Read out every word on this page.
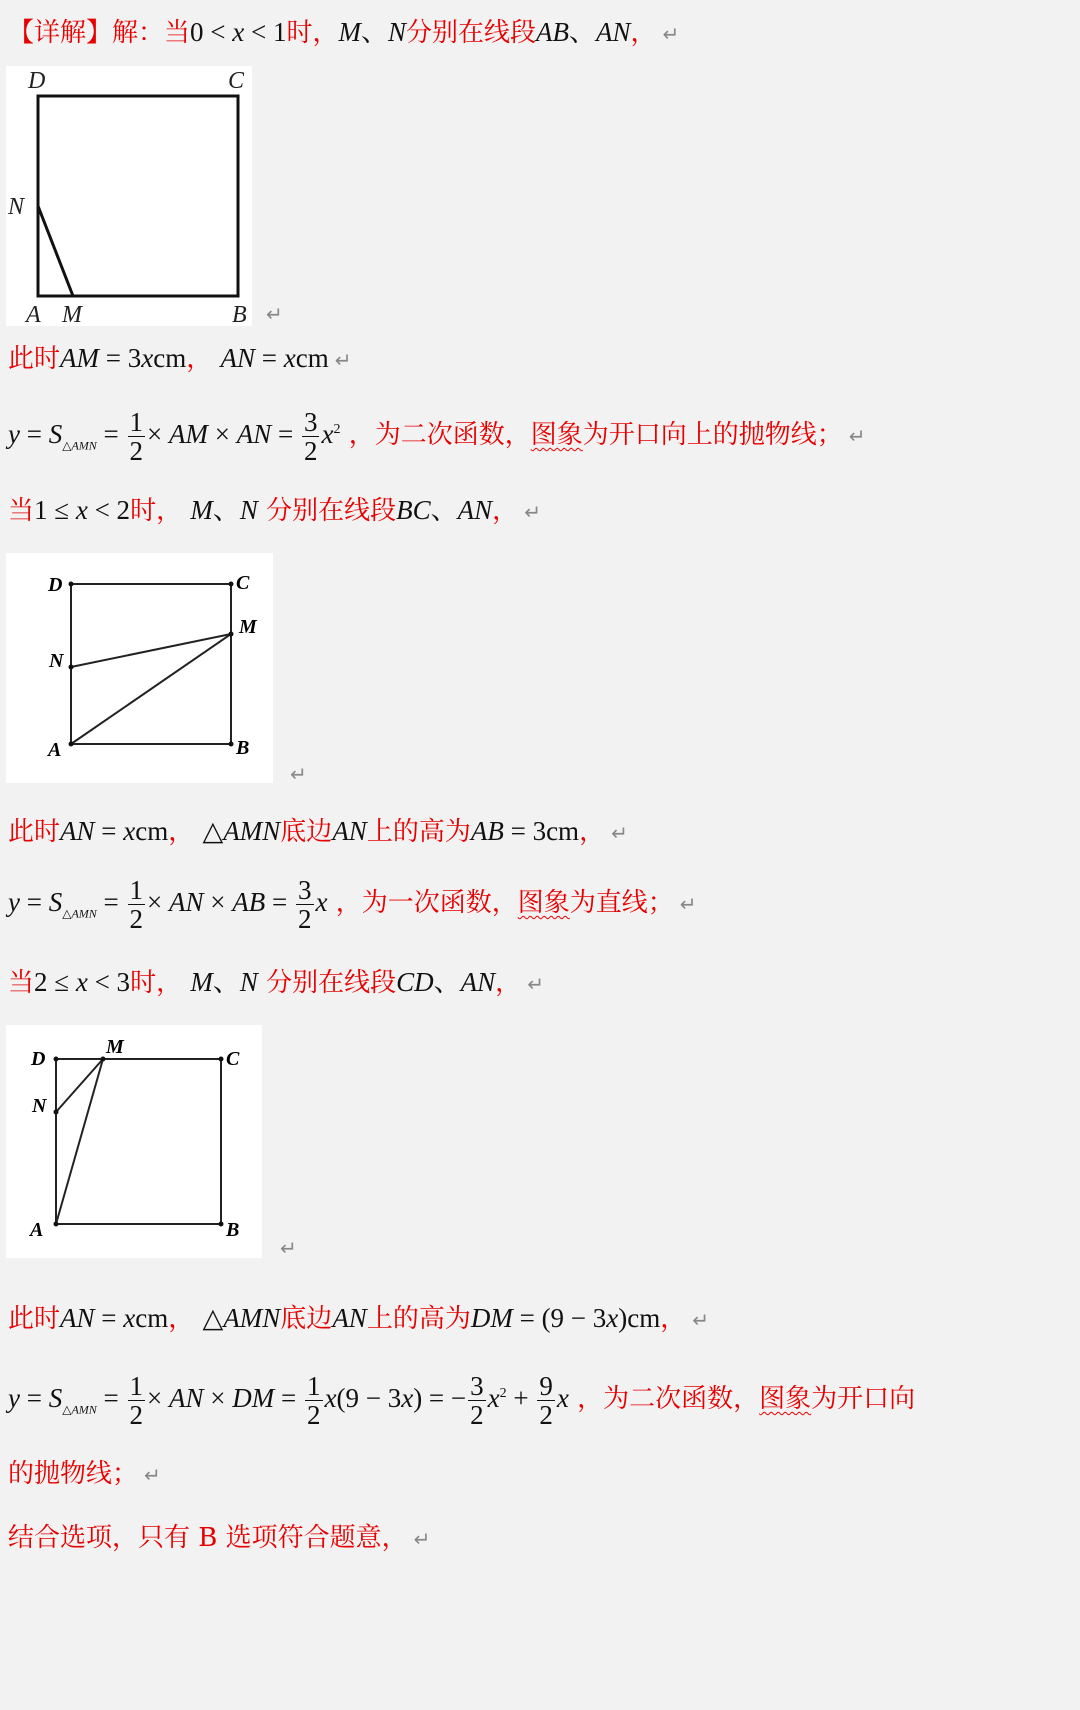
【详解】解：当0 < x < 1时，M、N分别在线段AB、AN， ↵
D	C
N
A M	B ↵
此时AM = 3xcm， AN = xcm ↵
$y = S_{\triangle AMN} = \frac{1}{2}$ × AM × AN = $\frac{3}{2} x^2$ ，为二次函数，图象为开口向上的抛物线； ↵
当1 ≤ x < 2时， M、N 分别在线段BC、AN， ↵
D	C
M
N
A	B
↵
此时AN = xcm， △AMN底边AN上的高为AB = 3cm， ↵
$y = S_{\triangle AMN} = \frac{1}{2}$ × AN × AB = $\frac{3}{2}$ x ，为一次函数，图象为直线； ↵
当2 ≤ x < 3时， M、N 分别在线段CD、AN， ↵
D
M
C
N
A	B
↵
此时AN = xcm， △AMN底边AN上的高为DM = (9 − 3x)cm， ↵
$y = S_{\triangle AMN} = \frac{1}{2}$ × AN × DM = $\frac{1}{2} x(9 - 3x)$ = − $\frac{3}{2} x^2 + \frac{9}{2}$ x ，为二次函数，图象为开口向
的抛物线； ↵
结合选项，只有 B 选项符合题意， ↵
